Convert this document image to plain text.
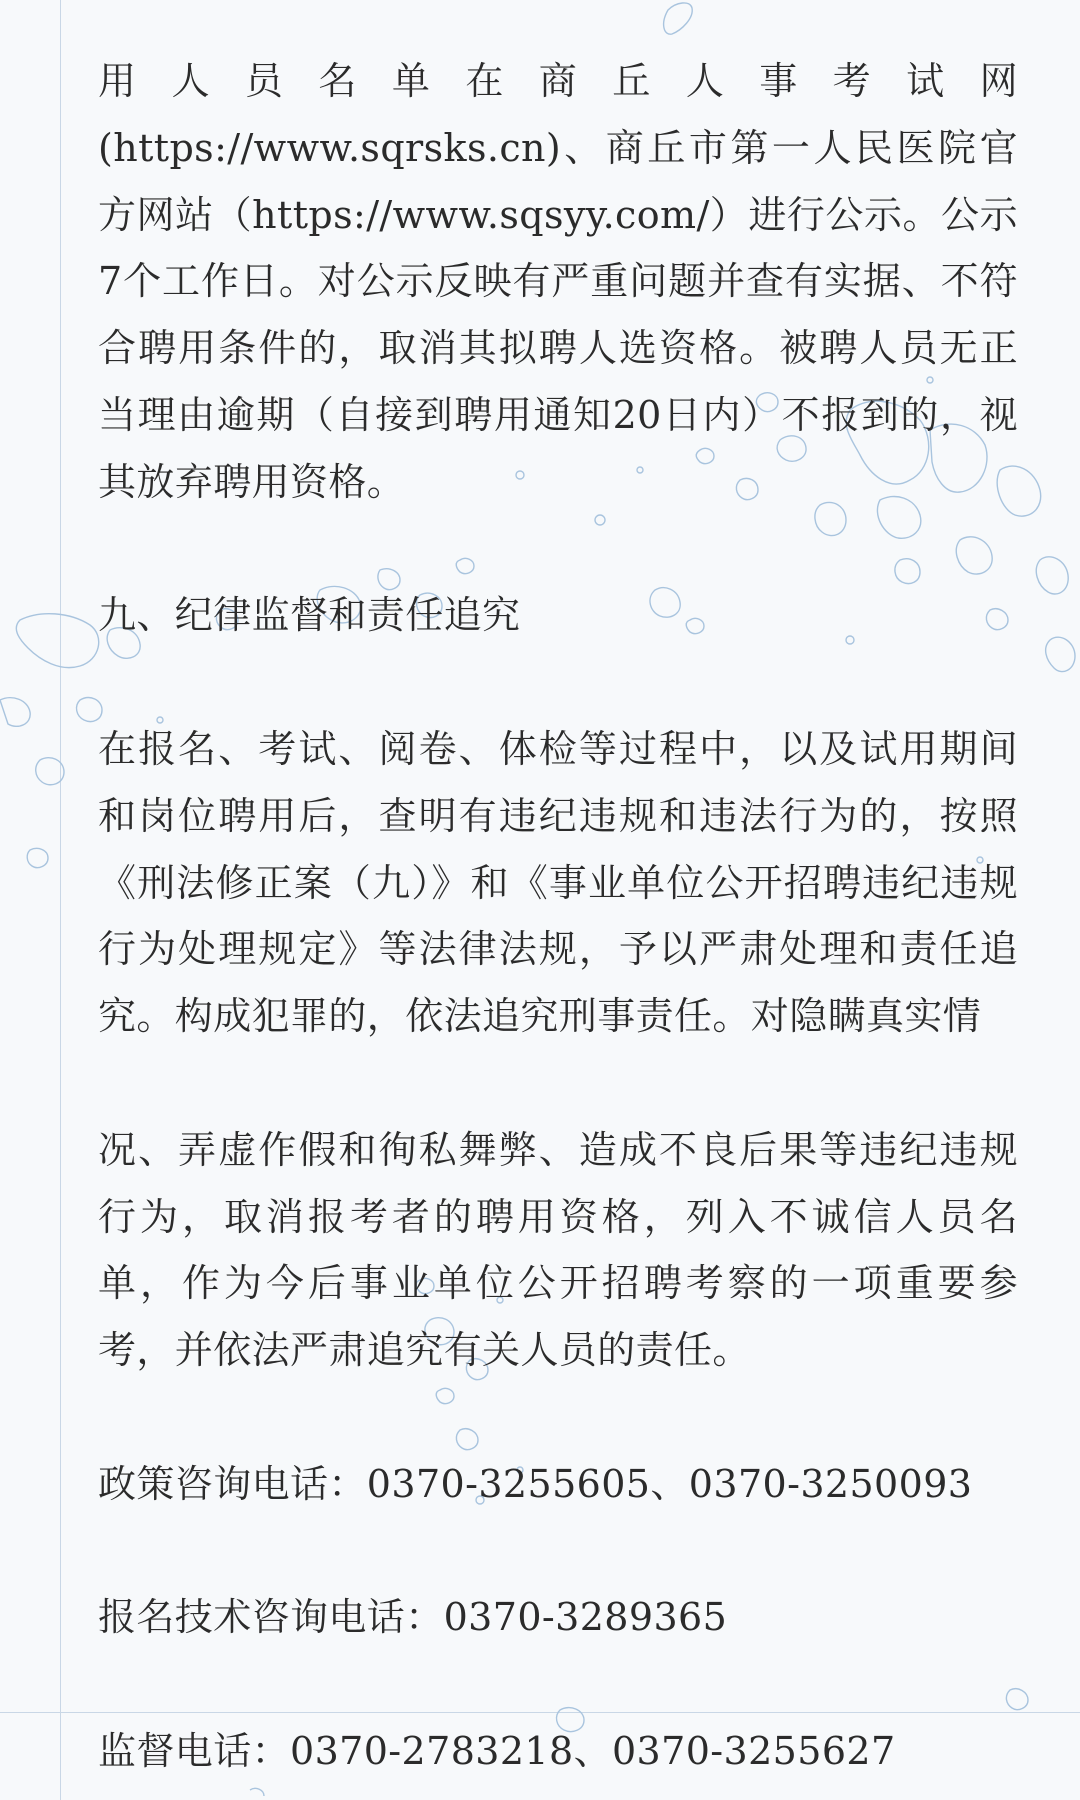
用人员名单在商丘人事考试网(https://www.sqrsks.cn)、商丘市第一人民医院官方网站（https://www.sqsyy.com/）进行公示。公示7个工作日。对公示反映有严重问题并查有实据、不符合聘用条件的，取消其拟聘人选资格。被聘人员无正当理由逾期（自接到聘用通知20日内）不报到的，视其放弃聘用资格。

九、纪律监督和责任追究

在报名、考试、阅卷、体检等过程中，以及试用期间和岗位聘用后，查明有违纪违规和违法行为的，按照《刑法修正案（九）》和《事业单位公开招聘违纪违规行为处理规定》等法律法规，予以严肃处理和责任追究。构成犯罪的，依法追究刑事责任。对隐瞒真实情

况、弄虚作假和徇私舞弊、造成不良后果等违纪违规行为，取消报考者的聘用资格，列入不诚信人员名单，作为今后事业单位公开招聘考察的一项重要参考，并依法严肃追究有关人员的责任。

政策咨询电话：0370-3255605、0370-3250093

报名技术咨询电话：0370-3289365

监督电话：0370-2783218、0370-3255627
